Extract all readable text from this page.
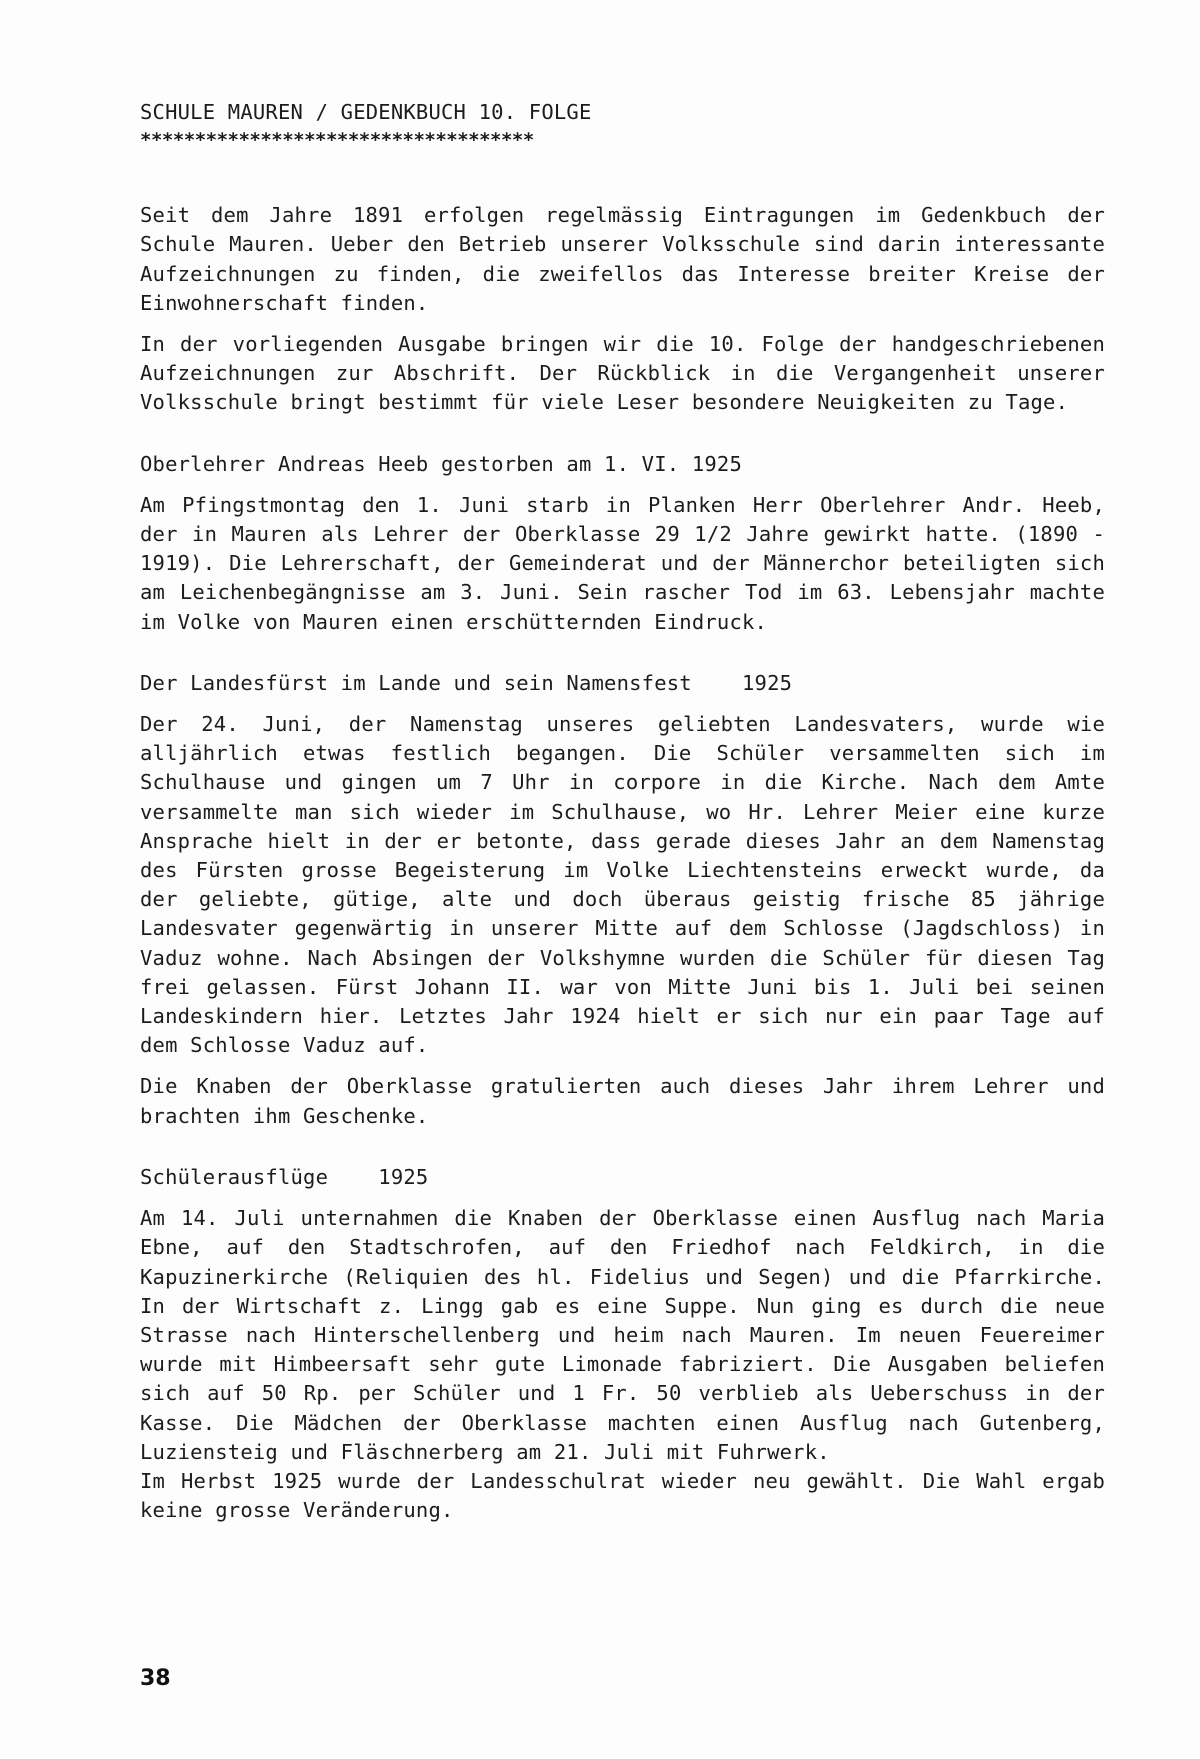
SCHULE MAUREN / GEDENKBUCH 10. FOLGE
************************************

Seit dem Jahre 1891 erfolgen regelmässig Eintragungen im Gedenkbuch der Schule Mauren. Ueber den Betrieb unserer Volksschule sind darin interessante Aufzeichnungen zu finden, die zweifellos das Interesse breiter Kreise der Einwohnerschaft finden.

In der vorliegenden Ausgabe bringen wir die 10. Folge der handgeschriebenen Aufzeichnungen zur Abschrift. Der Rückblick in die Vergangenheit unserer Volksschule bringt bestimmt für viele Leser besondere Neuigkeiten zu Tage.

Oberlehrer Andreas Heeb gestorben am 1. VI. 1925

Am Pfingstmontag den 1. Juni starb in Planken Herr Oberlehrer Andr. Heeb, der in Mauren als Lehrer der Oberklasse 29 1/2 Jahre gewirkt hatte. (1890 - 1919). Die Lehrerschaft, der Gemeinderat und der Männerchor beteiligten sich am Leichenbegängnisse am 3. Juni. Sein rascher Tod im 63. Lebensjahr machte im Volke von Mauren einen erschütternden Eindruck.

Der Landesfürst im Lande und sein Namensfest    1925

Der 24. Juni, der Namenstag unseres geliebten Landesvaters, wurde wie alljährlich etwas festlich begangen. Die Schüler versammelten sich im Schulhause und gingen um 7 Uhr in corpore in die Kirche. Nach dem Amte versammelte man sich wieder im Schulhause, wo Hr. Lehrer Meier eine kurze Ansprache hielt in der er betonte, dass gerade dieses Jahr an dem Namenstag des Fürsten grosse Begeisterung im Volke Liechtensteins erweckt wurde, da der geliebte, gütige, alte und doch überaus geistig frische 85 jährige Landesvater gegenwärtig in unserer Mitte auf dem Schlosse (Jagdschloss) in Vaduz wohne. Nach Absingen der Volkshymne wurden die Schüler für diesen Tag frei gelassen. Fürst Johann II. war von Mitte Juni bis 1. Juli bei seinen Landeskindern hier. Letztes Jahr 1924 hielt er sich nur ein paar Tage auf dem Schlosse Vaduz auf.

Die Knaben der Oberklasse gratulierten auch dieses Jahr ihrem Lehrer und brachten ihm Geschenke.

Schülerausflüge    1925

Am 14. Juli unternahmen die Knaben der Oberklasse einen Ausflug nach Maria Ebne, auf den Stadtschrofen, auf den Friedhof nach Feldkirch, in die Kapuzinerkirche (Reliquien des hl. Fidelius und Segen) und die Pfarrkirche. In der Wirtschaft z. Lingg gab es eine Suppe. Nun ging es durch die neue Strasse nach Hinterschellenberg und heim nach Mauren. Im neuen Feuereimer wurde mit Himbeersaft sehr gute Limonade fabriziert. Die Ausgaben beliefen sich auf 50 Rp. per Schüler und 1 Fr. 50 verblieb als Ueberschuss in der Kasse. Die Mädchen der Oberklasse machten einen Ausflug nach Gutenberg, Luziensteig und Fläschnerberg am 21. Juli mit Fuhrwerk.

Im Herbst 1925 wurde der Landesschulrat wieder neu gewählt. Die Wahl ergab keine grosse Veränderung.

38
